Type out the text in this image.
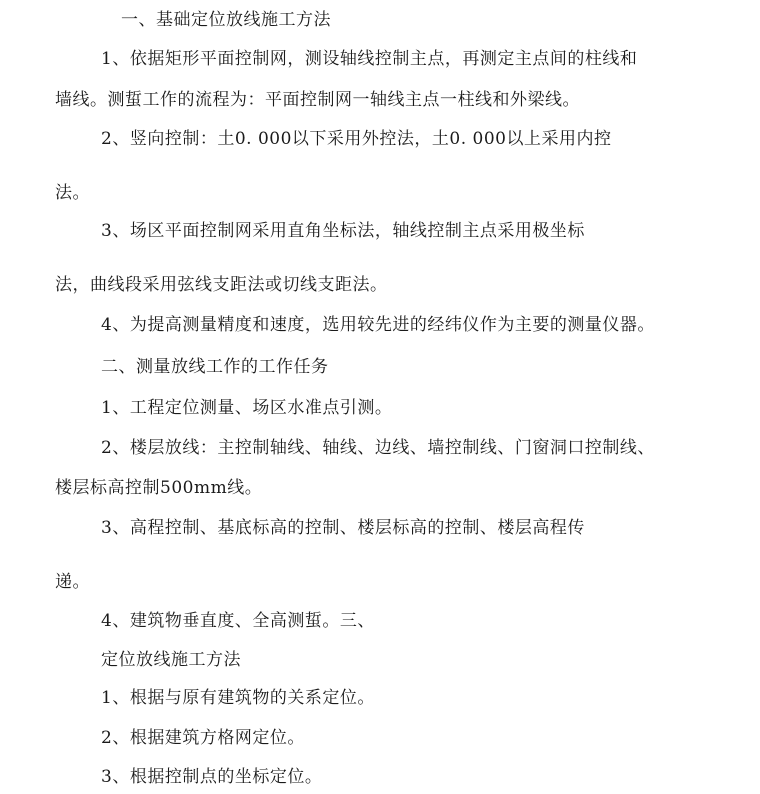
一、基础定位放线施工方法
1、依据矩形平面控制网，测设轴线控制主点，再测定主点间的柱线和
墙线。测蜇工作的流程为：平面控制网一轴线主点一柱线和外梁线。
2、竖向控制：土0. 000以下采用外控法，土0. 000以上采用内控
法。
3、场区平面控制网采用直角坐标法，轴线控制主点采用极坐标
法，曲线段采用弦线支距法或切线支距法。
4、为提高测量精度和速度，选用较先进的经纬仪作为主要的测量仪器。
二、测量放线工作的工作任务
1、工程定位测量、场区水准点引测。
2、楼层放线：主控制轴线、轴线、边线、墙控制线、门窗洞口控制线、
楼层标高控制500mm线。
3、高程控制、基底标高的控制、楼层标高的控制、楼层高程传
递。
4、建筑物垂直度、全高测蜇。三、
定位放线施工方法
1、根据与原有建筑物的关系定位。
2、根据建筑方格网定位。
3、根据控制点的坐标定位。
